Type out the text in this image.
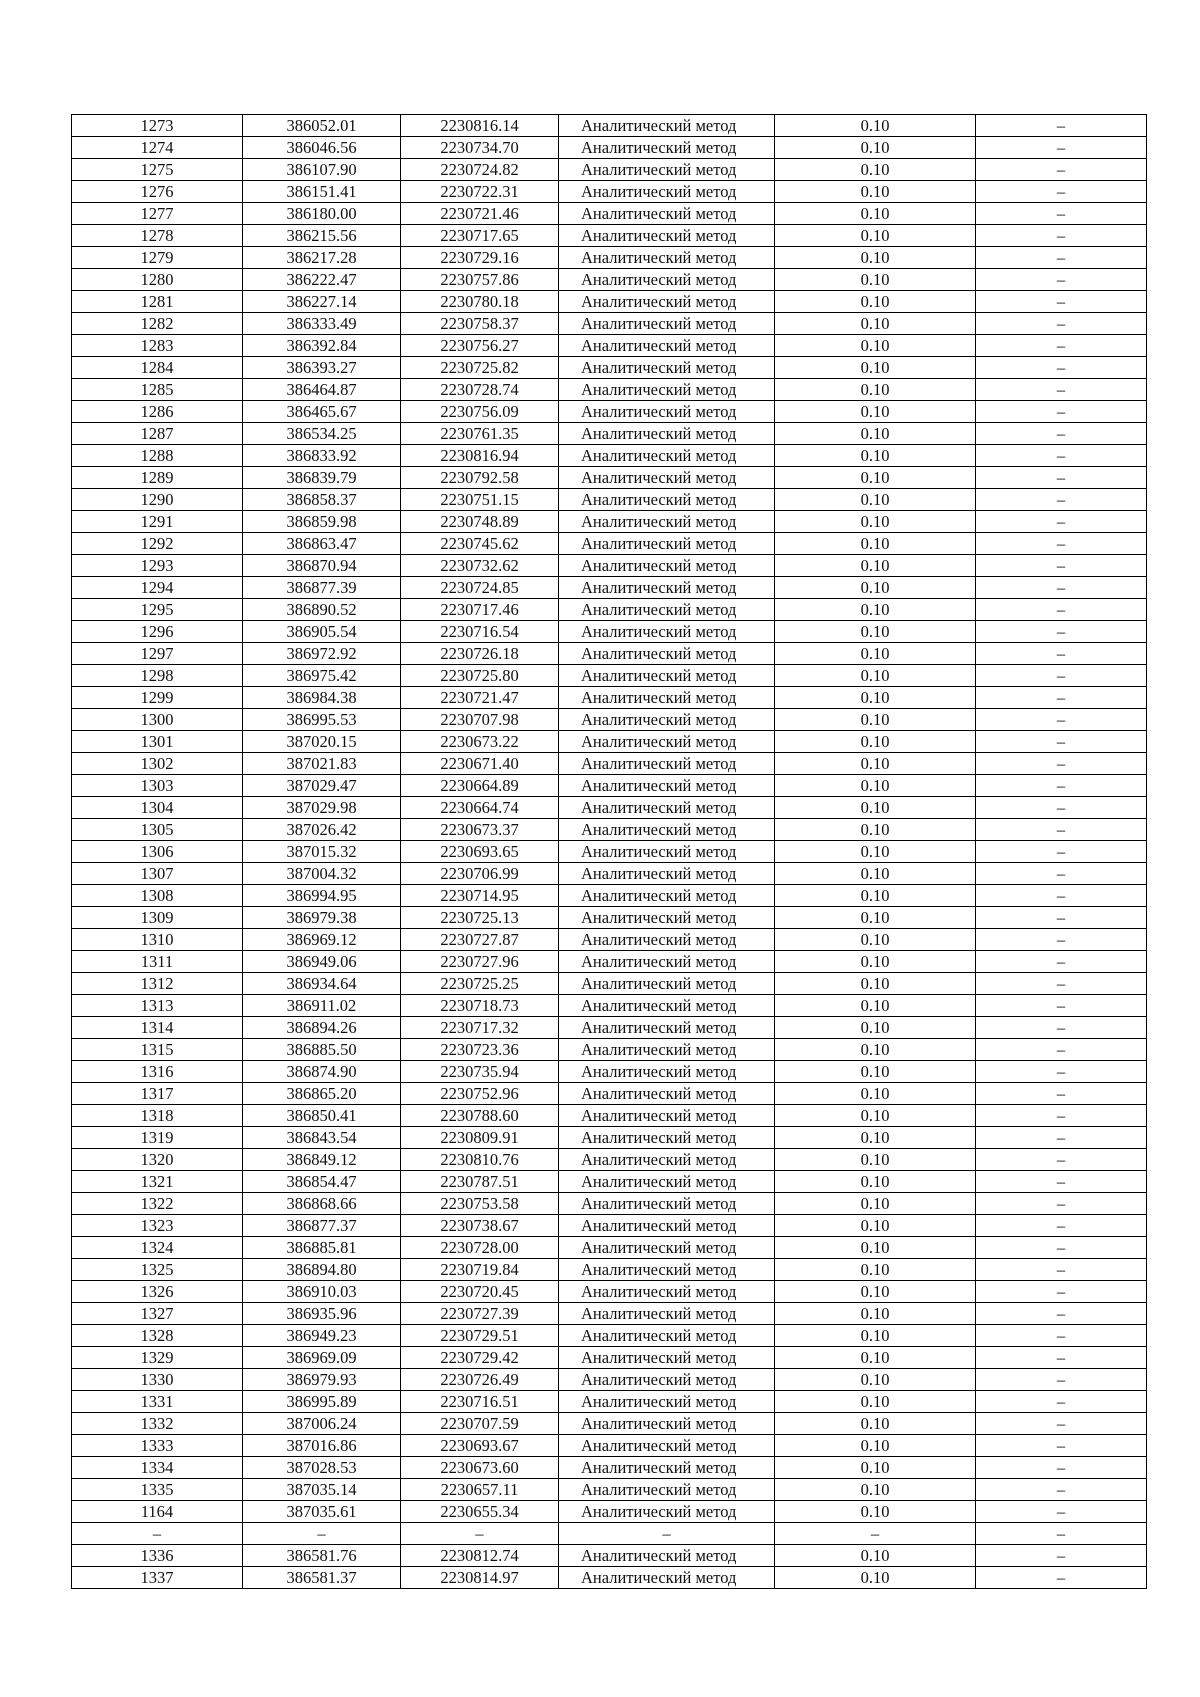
1273	386052.01	2230816.14	Аналитический метод	0.10	–
1274	386046.56	2230734.70	Аналитический метод	0.10	–
1275	386107.90	2230724.82	Аналитический метод	0.10	–
1276	386151.41	2230722.31	Аналитический метод	0.10	–
1277	386180.00	2230721.46	Аналитический метод	0.10	–
1278	386215.56	2230717.65	Аналитический метод	0.10	–
1279	386217.28	2230729.16	Аналитический метод	0.10	–
1280	386222.47	2230757.86	Аналитический метод	0.10	–
1281	386227.14	2230780.18	Аналитический метод	0.10	–
1282	386333.49	2230758.37	Аналитический метод	0.10	–
1283	386392.84	2230756.27	Аналитический метод	0.10	–
1284	386393.27	2230725.82	Аналитический метод	0.10	–
1285	386464.87	2230728.74	Аналитический метод	0.10	–
1286	386465.67	2230756.09	Аналитический метод	0.10	–
1287	386534.25	2230761.35	Аналитический метод	0.10	–
1288	386833.92	2230816.94	Аналитический метод	0.10	–
1289	386839.79	2230792.58	Аналитический метод	0.10	–
1290	386858.37	2230751.15	Аналитический метод	0.10	–
1291	386859.98	2230748.89	Аналитический метод	0.10	–
1292	386863.47	2230745.62	Аналитический метод	0.10	–
1293	386870.94	2230732.62	Аналитический метод	0.10	–
1294	386877.39	2230724.85	Аналитический метод	0.10	–
1295	386890.52	2230717.46	Аналитический метод	0.10	–
1296	386905.54	2230716.54	Аналитический метод	0.10	–
1297	386972.92	2230726.18	Аналитический метод	0.10	–
1298	386975.42	2230725.80	Аналитический метод	0.10	–
1299	386984.38	2230721.47	Аналитический метод	0.10	–
1300	386995.53	2230707.98	Аналитический метод	0.10	–
1301	387020.15	2230673.22	Аналитический метод	0.10	–
1302	387021.83	2230671.40	Аналитический метод	0.10	–
1303	387029.47	2230664.89	Аналитический метод	0.10	–
1304	387029.98	2230664.74	Аналитический метод	0.10	–
1305	387026.42	2230673.37	Аналитический метод	0.10	–
1306	387015.32	2230693.65	Аналитический метод	0.10	–
1307	387004.32	2230706.99	Аналитический метод	0.10	–
1308	386994.95	2230714.95	Аналитический метод	0.10	–
1309	386979.38	2230725.13	Аналитический метод	0.10	–
1310	386969.12	2230727.87	Аналитический метод	0.10	–
1311	386949.06	2230727.96	Аналитический метод	0.10	–
1312	386934.64	2230725.25	Аналитический метод	0.10	–
1313	386911.02	2230718.73	Аналитический метод	0.10	–
1314	386894.26	2230717.32	Аналитический метод	0.10	–
1315	386885.50	2230723.36	Аналитический метод	0.10	–
1316	386874.90	2230735.94	Аналитический метод	0.10	–
1317	386865.20	2230752.96	Аналитический метод	0.10	–
1318	386850.41	2230788.60	Аналитический метод	0.10	–
1319	386843.54	2230809.91	Аналитический метод	0.10	–
1320	386849.12	2230810.76	Аналитический метод	0.10	–
1321	386854.47	2230787.51	Аналитический метод	0.10	–
1322	386868.66	2230753.58	Аналитический метод	0.10	–
1323	386877.37	2230738.67	Аналитический метод	0.10	–
1324	386885.81	2230728.00	Аналитический метод	0.10	–
1325	386894.80	2230719.84	Аналитический метод	0.10	–
1326	386910.03	2230720.45	Аналитический метод	0.10	–
1327	386935.96	2230727.39	Аналитический метод	0.10	–
1328	386949.23	2230729.51	Аналитический метод	0.10	–
1329	386969.09	2230729.42	Аналитический метод	0.10	–
1330	386979.93	2230726.49	Аналитический метод	0.10	–
1331	386995.89	2230716.51	Аналитический метод	0.10	–
1332	387006.24	2230707.59	Аналитический метод	0.10	–
1333	387016.86	2230693.67	Аналитический метод	0.10	–
1334	387028.53	2230673.60	Аналитический метод	0.10	–
1335	387035.14	2230657.11	Аналитический метод	0.10	–
1164	387035.61	2230655.34	Аналитический метод	0.10	–
–	–	–	–	–	–
1336	386581.76	2230812.74	Аналитический метод	0.10	–
1337	386581.37	2230814.97	Аналитический метод	0.10	–
